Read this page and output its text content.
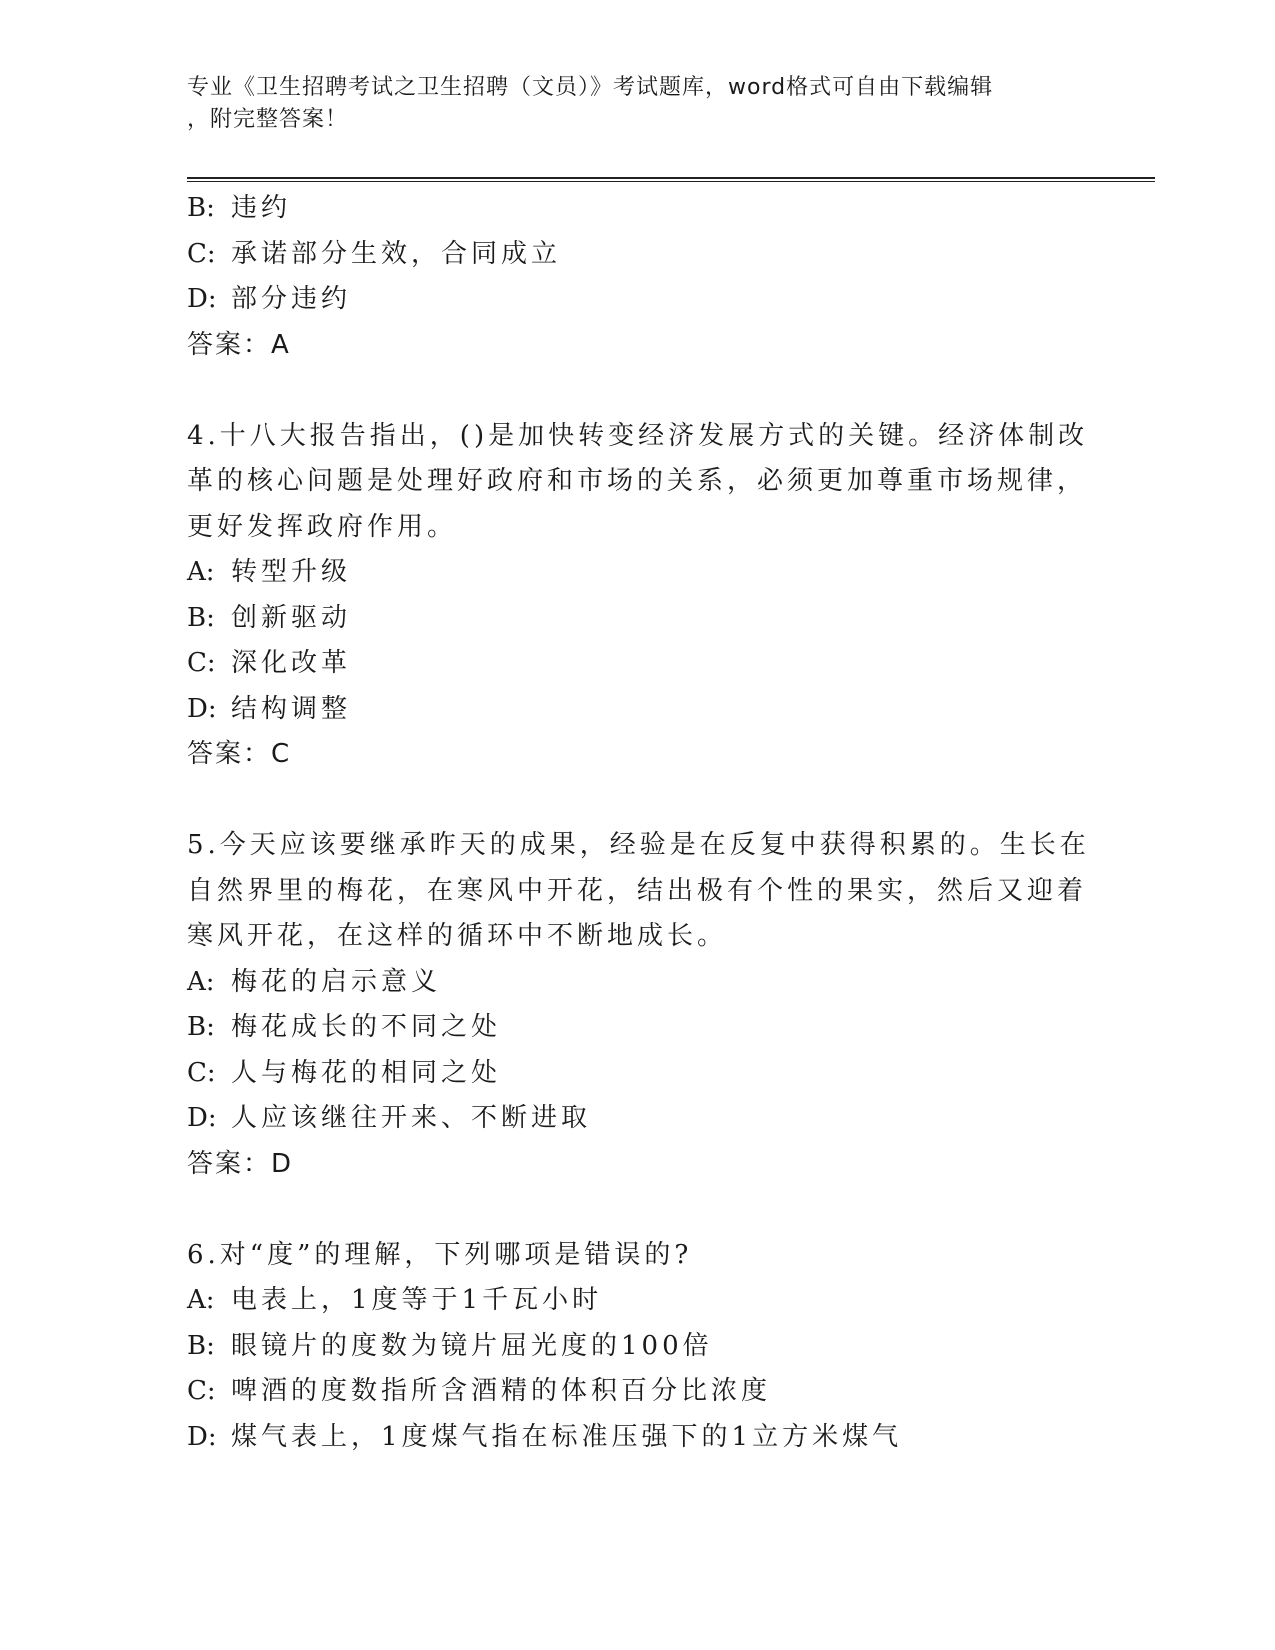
专业《卫生招聘考试之卫生招聘（文员）》考试题库，word格式可自由下载编辑
，附完整答案！
B: 违约
C: 承诺部分生效，合同成立
D: 部分违约
答案：A
4.十八大报告指出，()是加快转变经济发展方式的关键。经济体制改
革的核心问题是处理好政府和市场的关系，必须更加尊重市场规律，
更好发挥政府作用。
A: 转型升级
B: 创新驱动
C: 深化改革
D: 结构调整
答案：C
5.今天应该要继承昨天的成果，经验是在反复中获得积累的。生长在
自然界里的梅花，在寒风中开花，结出极有个性的果实，然后又迎着
寒风开花，在这样的循环中不断地成长。
A: 梅花的启示意义
B: 梅花成长的不同之处
C: 人与梅花的相同之处
D: 人应该继往开来、不断进取
答案：D
6.对“度”的理解，下列哪项是错误的?
A: 电表上，1度等于1千瓦小时
B: 眼镜片的度数为镜片屈光度的100倍
C: 啤酒的度数指所含酒精的体积百分比浓度
D: 煤气表上，1度煤气指在标准压强下的1立方米煤气
